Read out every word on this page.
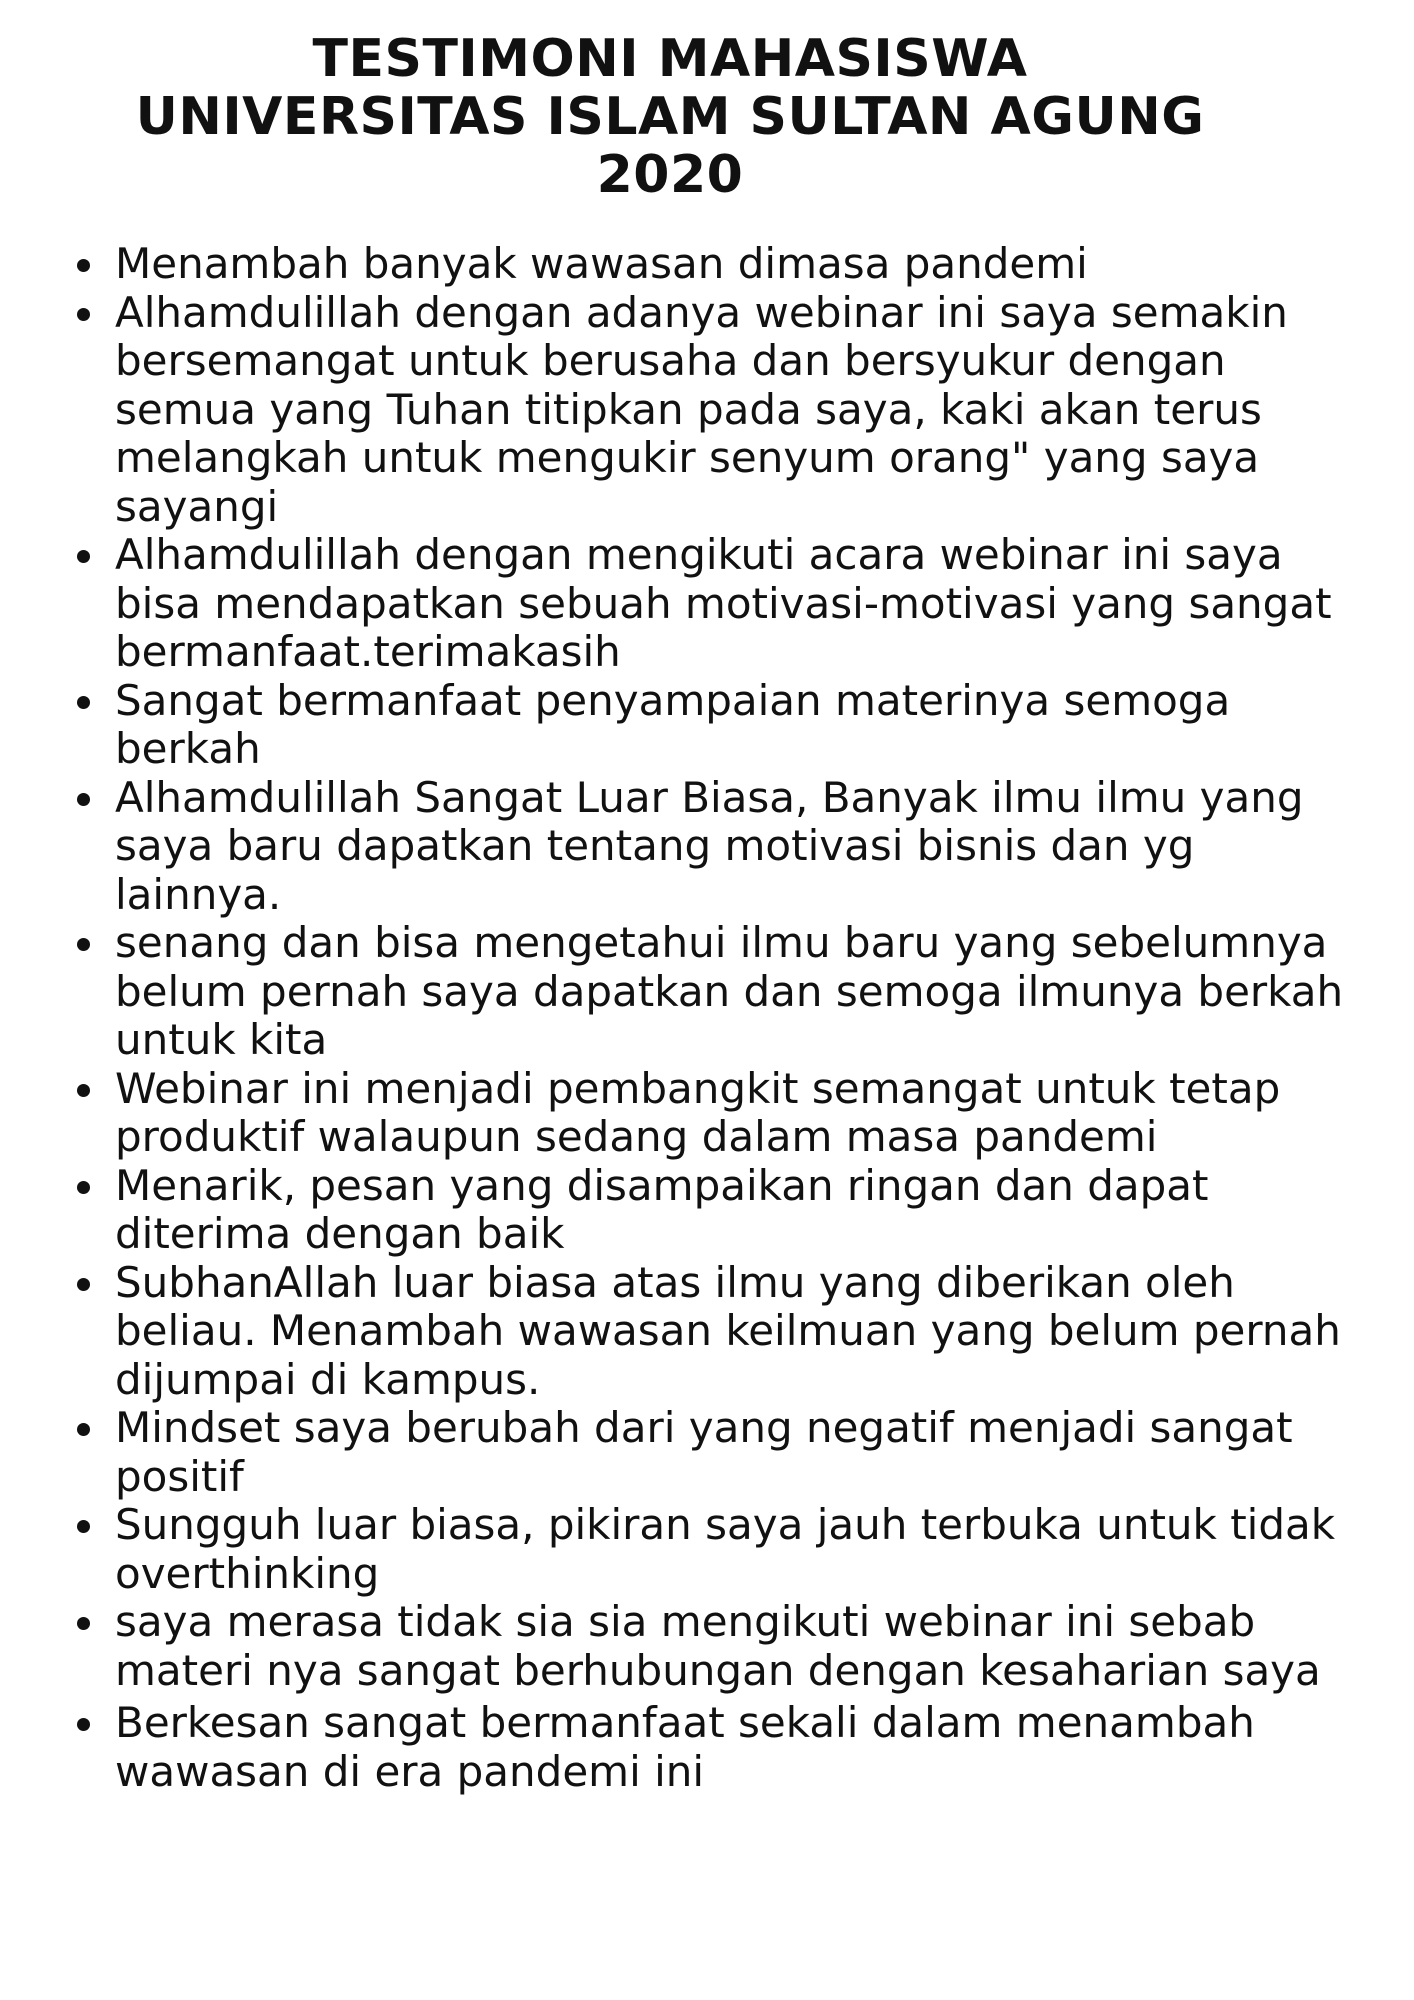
TESTIMONI MAHASISWA
UNIVERSITAS ISLAM SULTAN AGUNG
2020
Menambah banyak wawasan dimasa pandemi
Alhamdulillah dengan adanya webinar ini saya semakin bersemangat untuk berusaha dan bersyukur dengan semua yang Tuhan titipkan pada saya, kaki akan terus melangkah untuk mengukir senyum orang" yang saya sayangi
Alhamdulillah dengan mengikuti acara webinar ini saya bisa mendapatkan sebuah motivasi-motivasi yang sangat bermanfaat.terimakasih
Sangat bermanfaat penyampaian materinya semoga berkah
Alhamdulillah Sangat Luar Biasa, Banyak ilmu ilmu yang saya baru dapatkan tentang motivasi bisnis dan yg lainnya.
senang dan bisa mengetahui ilmu baru yang sebelumnya belum pernah saya dapatkan dan semoga ilmunya berkah untuk kita
Webinar ini menjadi pembangkit semangat untuk tetap produktif walaupun sedang dalam masa pandemi
Menarik, pesan yang disampaikan ringan dan dapat diterima dengan baik
SubhanAllah luar biasa atas ilmu yang diberikan oleh beliau. Menambah wawasan keilmuan yang belum pernah dijumpai di kampus.
Mindset saya berubah dari yang negatif menjadi sangat positif
Sungguh luar biasa, pikiran saya jauh terbuka untuk tidak overthinking
saya merasa tidak sia sia mengikuti webinar ini sebab materi nya sangat berhubungan dengan kesaharian saya
Berkesan sangat bermanfaat sekali dalam menambah wawasan di era pandemi ini
